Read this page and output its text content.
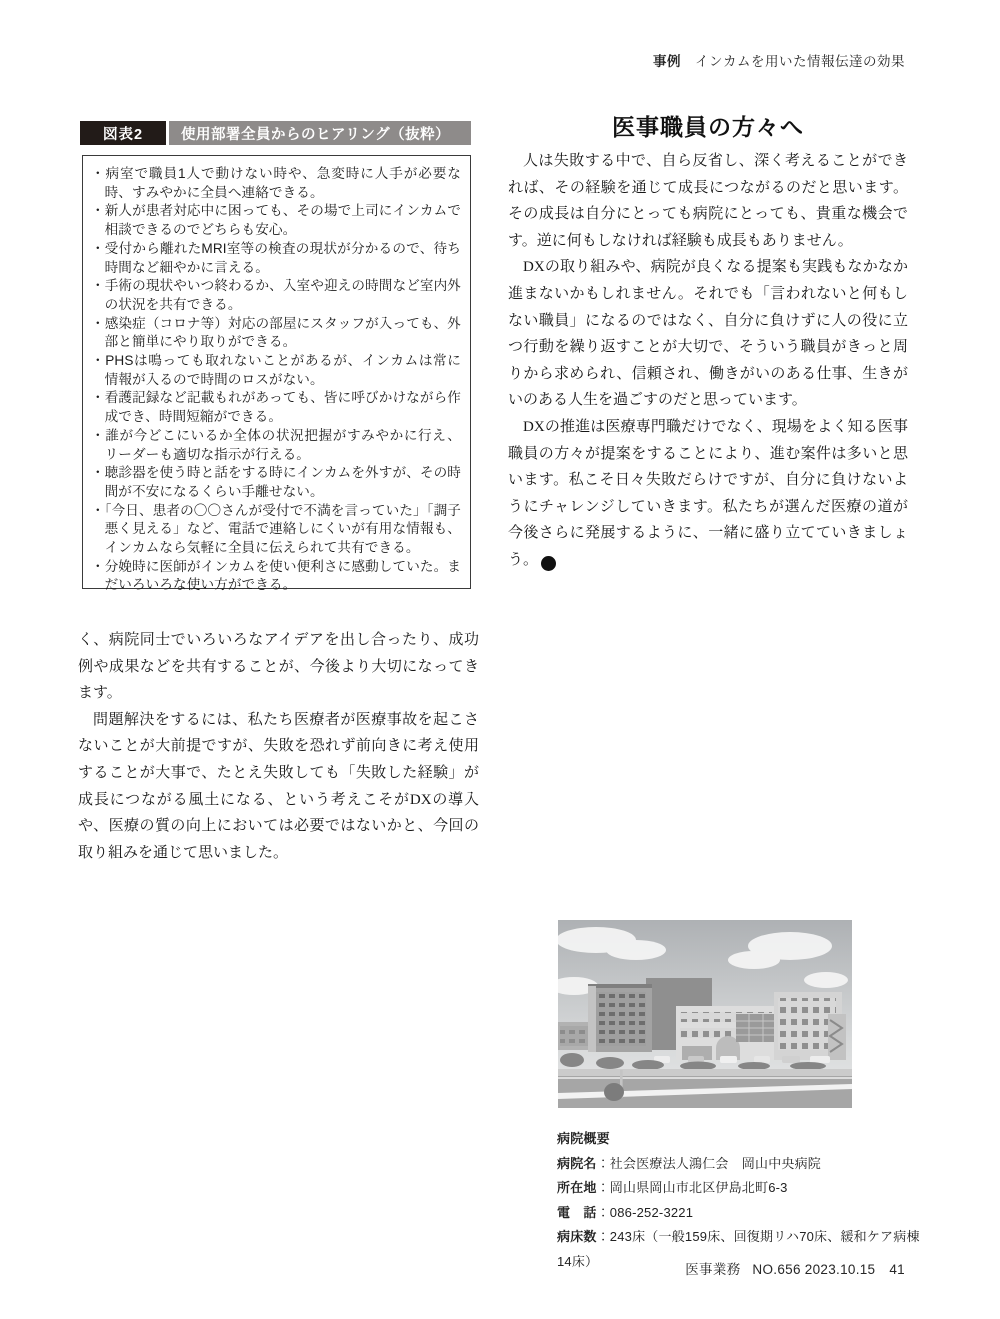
事例 インカムを用いた情報伝達の効果
図表2	使用部署全員からのヒアリング（抜粋）
・病室で職員1人で動けない時や、急変時に人手が必要な時、すみやかに全員へ連絡できる。
・新人が患者対応中に困っても、その場で上司にインカムで相談できるのでどちらも安心。
・受付から離れたMRI室等の検査の現状が分かるので、待ち時間など細やかに言える。
・手術の現状やいつ終わるか、入室や迎えの時間など室内外の状況を共有できる。
・感染症（コロナ等）対応の部屋にスタッフが入っても、外部と簡単にやり取りができる。
・PHSは鳴っても取れないことがあるが、インカムは常に情報が入るので時間のロスがない。
・看護記録など記載もれがあっても、皆に呼びかけながら作成でき、時間短縮ができる。
・誰が今どこにいるか全体の状況把握がすみやかに行え、リーダーも適切な指示が行える。
・聴診器を使う時と話をする時にインカムを外すが、その時間が不安になるくらい手離せない。
・「今日、患者の〇〇さんが受付で不満を言っていた」「調子悪く見える」など、電話で連絡しにくいが有用な情報も、インカムなら気軽に全員に伝えられて共有できる。
・分娩時に医師がインカムを使い便利さに感動していた。まだいろいろな使い方ができる。

く、病院同士でいろいろなアイデアを出し合ったり、成功例や成果などを共有することが、今後より大切になってきます。

問題解決をするには、私たち医療者が医療事故を起こさないことが大前提ですが、失敗を恐れず前向きに考え使用することが大事で、たとえ失敗しても「失敗した経験」が成長につながる風土になる、という考えこそがDXの導入や、医療の質の向上においては必要ではないかと、今回の取り組みを通じて思いました。

医事職員の方々へ

人は失敗する中で、自ら反省し、深く考えることができれば、その経験を通じて成長につながるのだと思います。その成長は自分にとっても病院にとっても、貴重な機会です。逆に何もしなければ経験も成長もありません。

DXの取り組みや、病院が良くなる提案も実践もなかなか進まないかもしれません。それでも「言われないと何もしない職員」になるのではなく、自分に負けずに人の役に立つ行動を繰り返すことが大切で、そういう職員がきっと周りから求められ、信頼され、働きがいのある仕事、生きがいのある人生を過ごすのだと思っています。

DXの推進は医療専門職だけでなく、現場をよく知る医事職員の方々が提案をすることにより、進む案件は多いと思います。私こそ日々失敗だらけですが、自分に負けないようにチャレンジしていきます。私たちが選んだ医療の道が今後さらに発展するように、一緒に盛り立てていきましょう。 M

病院概要
病院名：社会医療法人鴻仁会　岡山中央病院
所在地：岡山県岡山市北区伊島北町6-3
電　話：086-252-3221
病床数：243床（一般159床、回復期リハ70床、緩和ケア病棟14床）
医事業務 NO.656 2023.10.15 41
